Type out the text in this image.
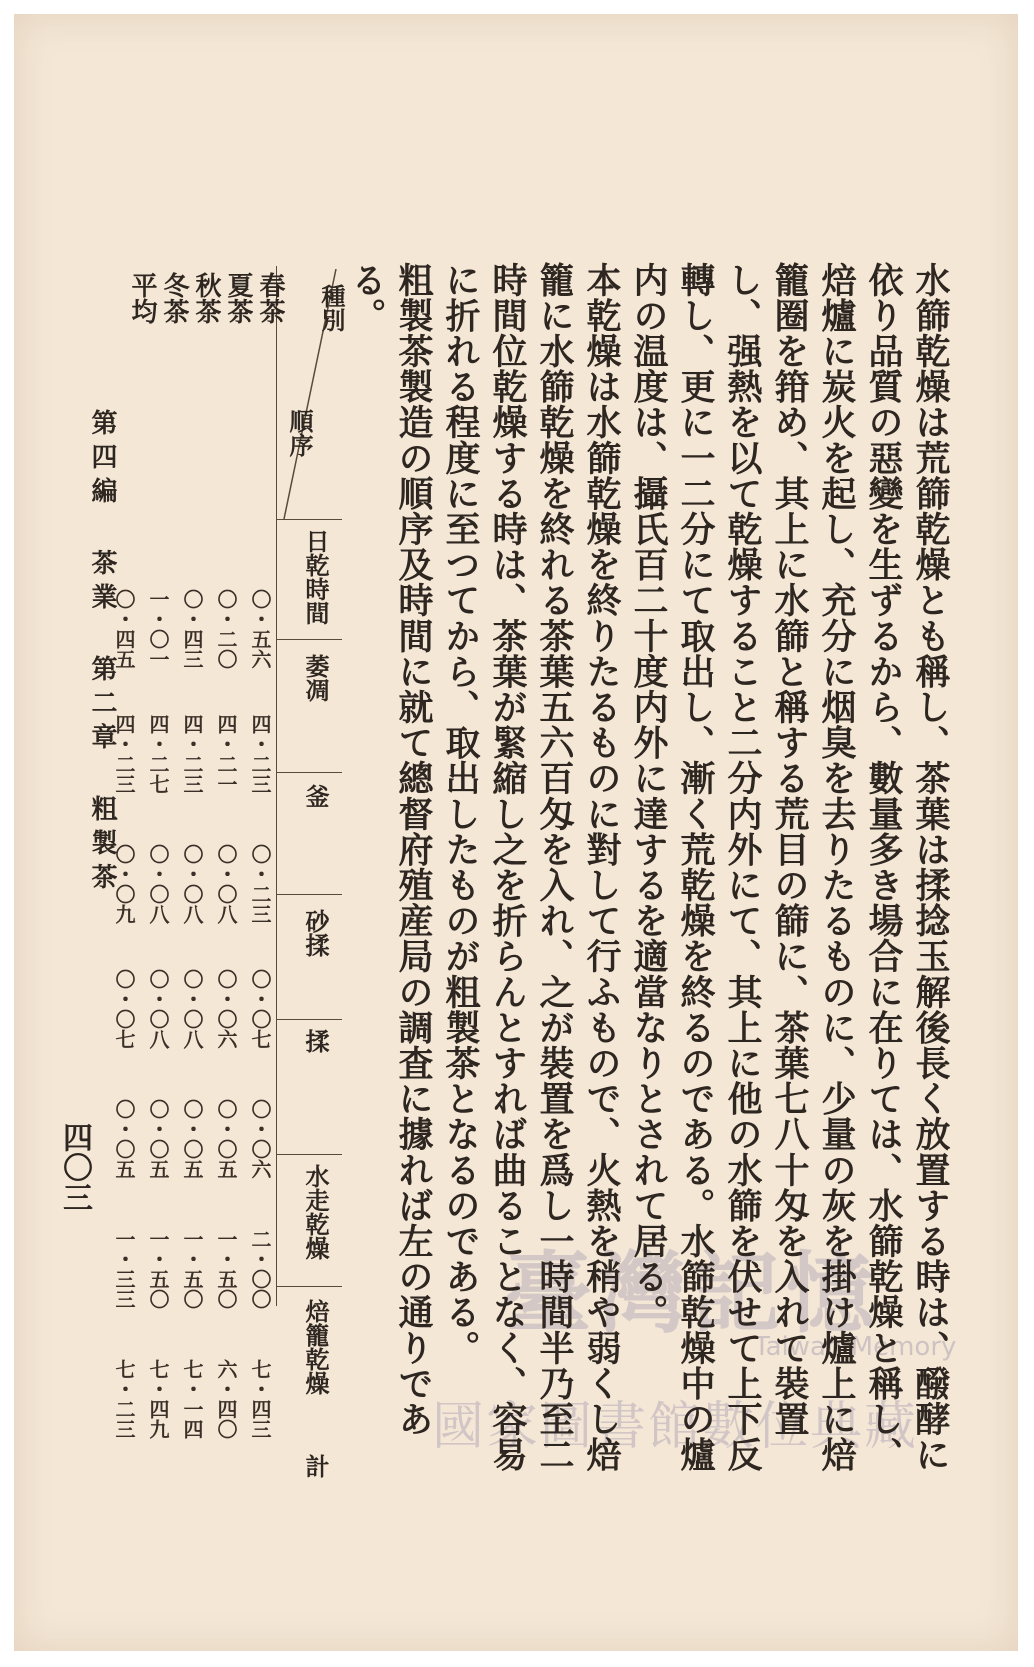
臺灣記憶
Taiwan Memory
國家圖書館數位典藏

水篩乾燥は荒篩乾燥とも稱し、茶葉は揉捻玉解後長く放置する時は、醱酵に依り品質の惡變を生ずるから、數量多き場合に在りては、水篩乾燥と稱し、焙爐に炭火を起し、充分に烟臭を去りたるものに、少量の灰を掛け爐上に焙籠圈を箝め、其上に水篩と稱する荒目の篩に、茶葉七八十匁を入れて裝置し、强熱を以て乾燥すること二分内外にて、其上に他の水篩を伏せて上下反轉し、更に一二分にて取出し、漸く荒乾燥を終るのである。水篩乾燥中の爐内の温度は、攝氏百二十度内外に達するを適當なりとされて居る。

本乾燥は水篩乾燥を終りたるものに對して行ふもので、火熱を稍や弱くし焙籠に水篩乾燥を終れる茶葉五六百匁を入れ、之が裝置を爲し一時間半乃至二時間位乾燥する時は、茶葉が緊縮し之を折らんとすれば曲ることなく、容易に折れる程度に至つてから、取出したものが粗製茶となるのである。

粗製茶製造の順序及時間に就て總督府殖産局の調査に據れば左の通りである。

種別
順序
日乾時間
萎凋
釜
砂揉
揉
水走乾燥
焙籠乾燥
計
春茶
夏茶
秋茶
冬茶
平均
〇・五六
四・二三
〇・二三
〇・〇七
〇・〇六
二・〇〇
七・四三
〇・二〇
四・二一
〇・〇八
〇・〇六
〇・〇五
一・五〇
六・四〇
〇・四三
四・二三
〇・〇八
〇・〇八
〇・〇五
一・五〇
七・一四
一・〇一
四・二七
〇・〇八
〇・〇八
〇・〇五
一・五〇
七・四九
〇・四五
四・二三
〇・〇九
〇・〇七
〇・〇五
一・三三
七・二三
第四編 茶業 第二章 粗製茶
四〇三
